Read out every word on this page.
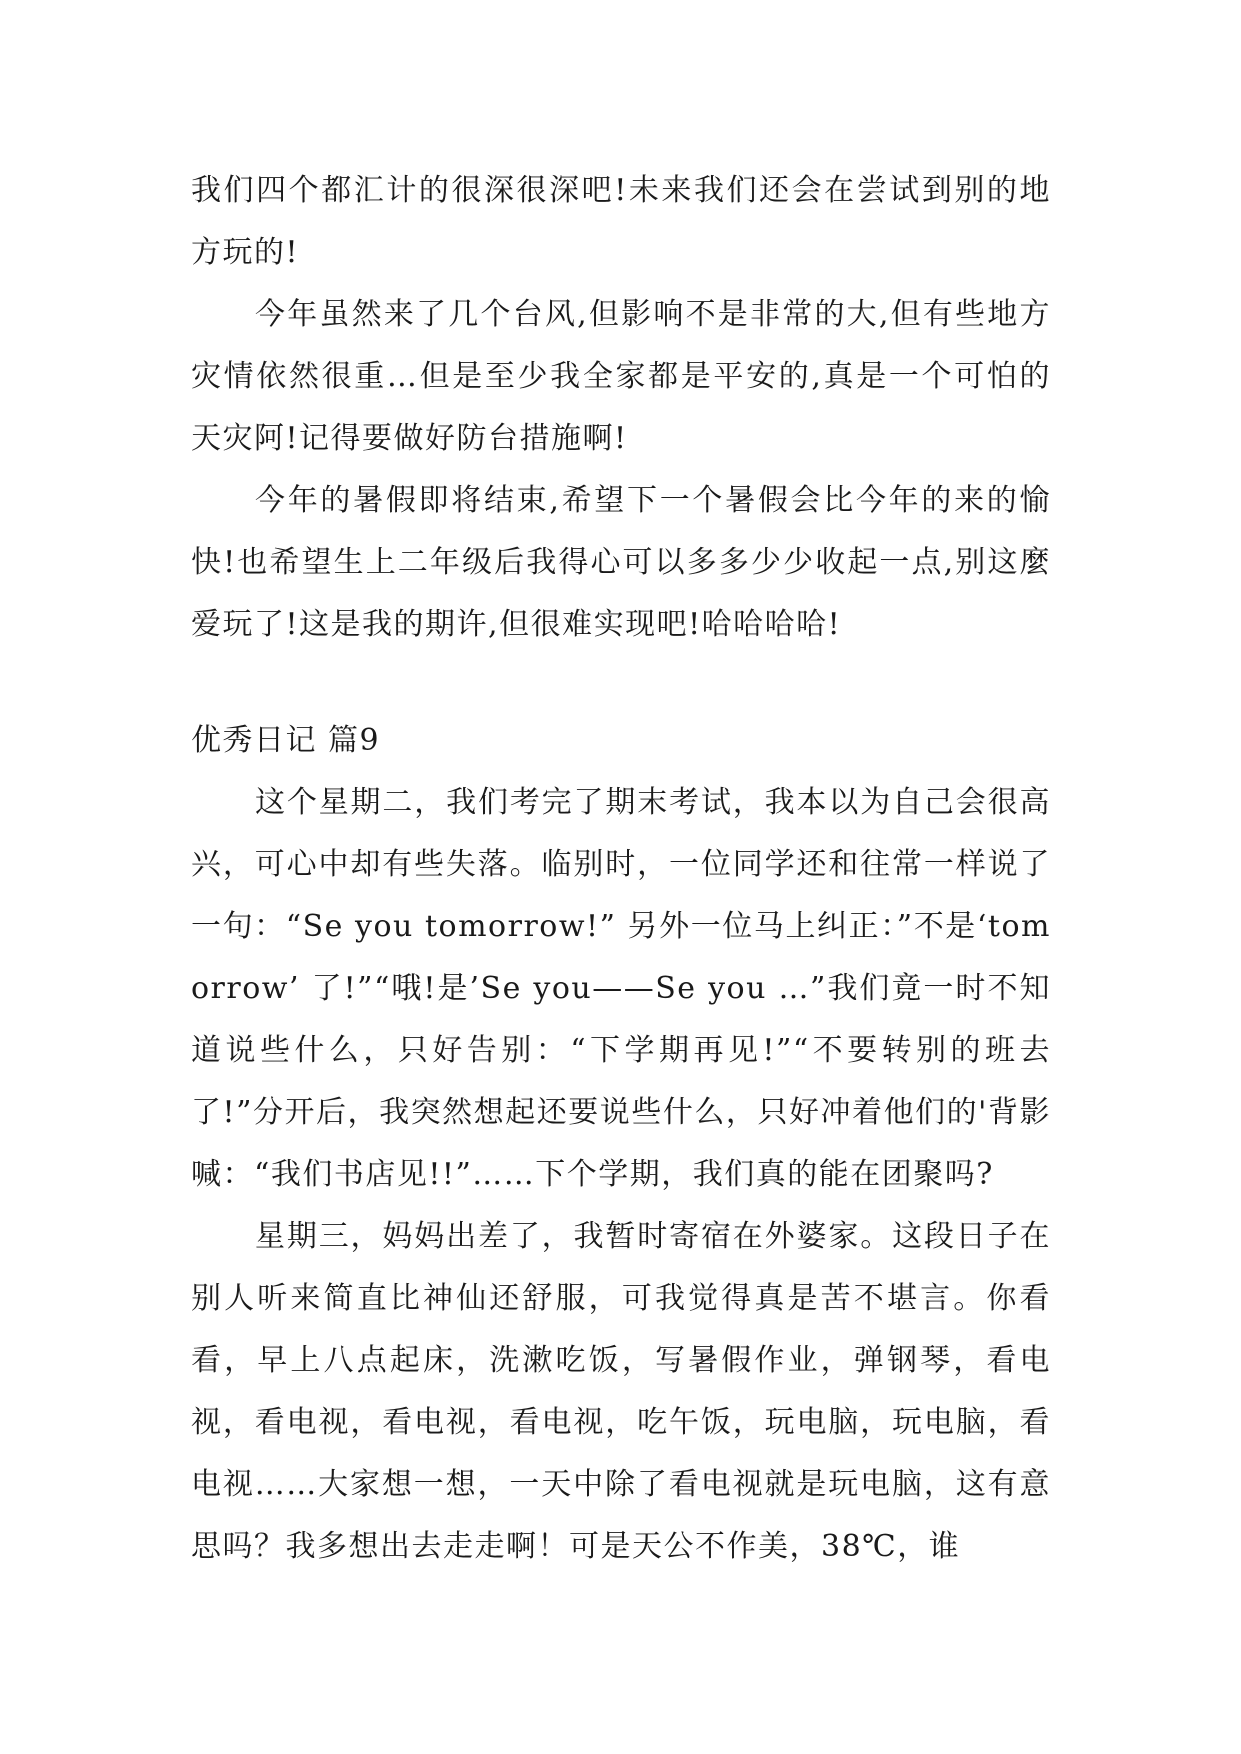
我们四个都汇计的很深很深吧!未来我们还会在尝试到别的地方玩的!

今年虽然来了几个台风,但影响不是非常的大,但有些地方灾情依然很重…但是至少我全家都是平安的,真是一个可怕的天灾阿!记得要做好防台措施啊!

今年的暑假即将结束,希望下一个暑假会比今年的来的愉快!也希望生上二年级后我得心可以多多少少收起一点,别这麼爱玩了!这是我的期许,但很难实现吧!哈哈哈哈!

优秀日记 篇9

这个星期二，我们考完了期末考试，我本以为自己会很高兴，可心中却有些失落。临别时，一位同学还和往常一样说了一句：“Se you tomorrow!” 另外一位马上纠正：”不是‘tomorrow’ 了!”“哦!是’Se you——Se you …”我们竟一时不知道说些什么，只好告别：“下学期再见!”“不要转别的班去了!”分开后，我突然想起还要说些什么，只好冲着他们的'背影喊：“我们书店见!!”……下个学期，我们真的能在团聚吗?

星期三，妈妈出差了，我暂时寄宿在外婆家。这段日子在别人听来简直比神仙还舒服，可我觉得真是苦不堪言。你看看，早上八点起床，洗漱吃饭，写暑假作业，弹钢琴，看电视，看电视，看电视，看电视，吃午饭，玩电脑，玩电脑，看电视……大家想一想，一天中除了看电视就是玩电脑，这有意思吗？我多想出去走走啊！可是天公不作美，38℃，谁
